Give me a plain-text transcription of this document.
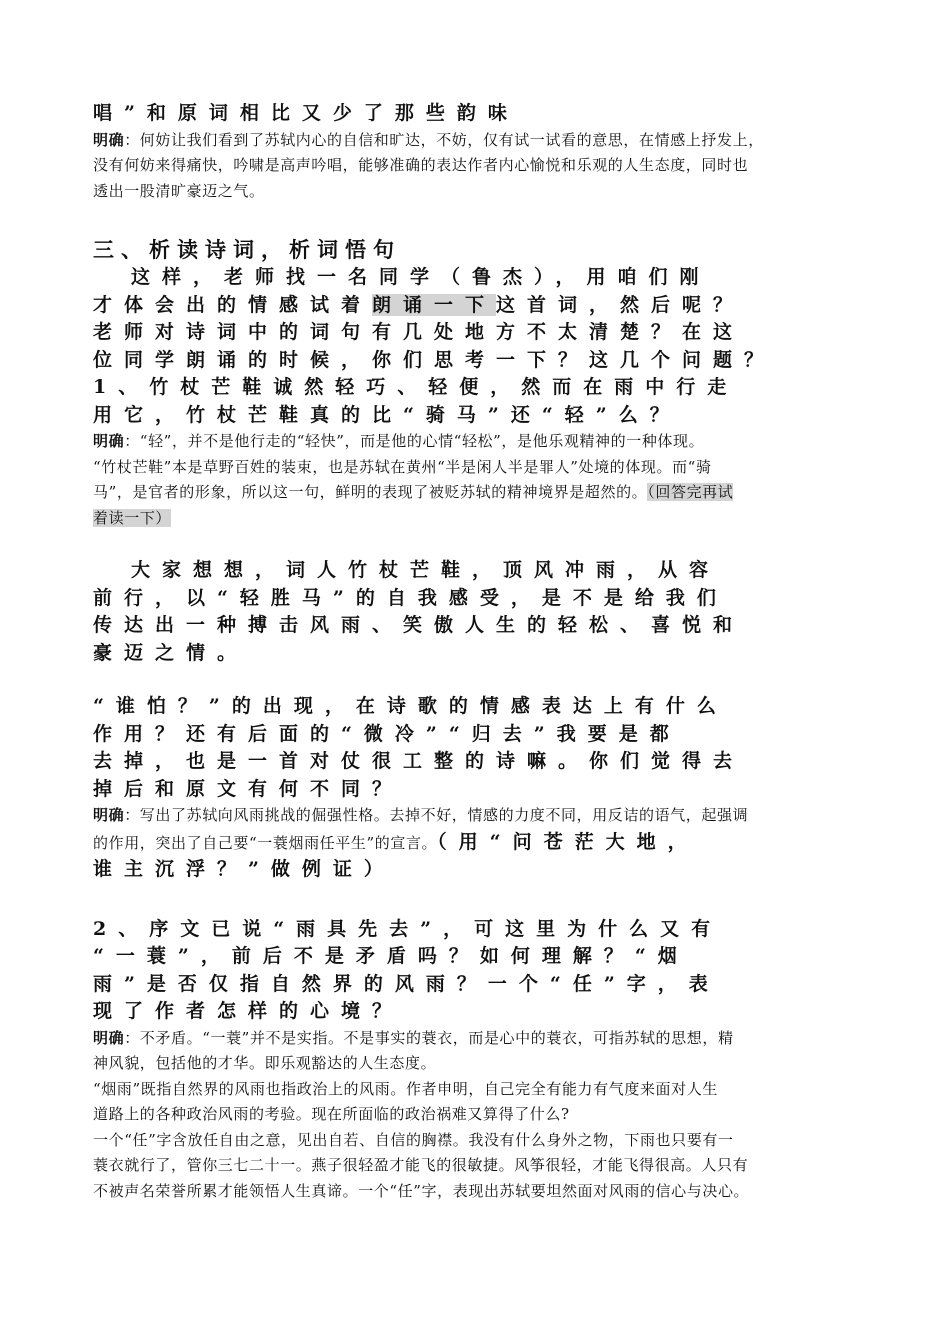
唱”和原词相比又少了那些韵味

明确：何妨让我们看到了苏轼内心的自信和旷达，不妨，仅有试一试看的意思，在情感上抒发上，

没有何妨来得痛快，吟啸是高声吟唱，能够准确的表达作者内心愉悦和乐观的人生态度，同时也

透出一股清旷豪迈之气。

三、析读诗词，析词悟句

这样，老师找一名同学（鲁杰），用咱们刚

才体会出的情感试着朗诵一下这首词，然后呢？

老师对诗词中的词句有几处地方不太清楚？在这

位同学朗诵的时候，你们思考一下？这几个问题？

1、竹杖芒鞋诚然轻巧、轻便，然而在雨中行走

用它，竹杖芒鞋真的比“骑马”还“轻”么？

明确：“轻”，并不是他行走的“轻快”，而是他的心情“轻松”，是他乐观精神的一种体现。

“竹杖芒鞋”本是草野百姓的装束，也是苏轼在黄州“半是闲人半是罪人”处境的体现。而“骑

马”，是官者的形象，所以这一句，鲜明的表现了被贬苏轼的精神境界是超然的。（回答完再试

着读一下）

大家想想，词人竹杖芒鞋，顶风冲雨，从容

前行，以“轻胜马”的自我感受，是不是给我们

传达出一种搏击风雨、笑傲人生的轻松、喜悦和

豪迈之情。

“谁怕？”的出现，在诗歌的情感表达上有什么

作用？还有后面的“微冷”“归去”我要是都

去掉，也是一首对仗很工整的诗嘛。你们觉得去

掉后和原文有何不同？

明确：写出了苏轼向风雨挑战的倔强性格。去掉不好，情感的力度不同，用反诘的语气，起强调

的作用，突出了自己要“一蓑烟雨任平生”的宣言。（用“问苍茫大地，

谁主沉浮？”做例证）

2、序文已说“雨具先去”，可这里为什么又有

“一蓑”，前后不是矛盾吗？如何理解？“烟

雨”是否仅指自然界的风雨？一个“任”字，表

现了作者怎样的心境？

明确：不矛盾。“一蓑”并不是实指。不是事实的蓑衣，而是心中的蓑衣，可指苏轼的思想，精

神风貌，包括他的才华。即乐观豁达的人生态度。

“烟雨”既指自然界的风雨也指政治上的风雨。作者申明，自己完全有能力有气度来面对人生

道路上的各种政治风雨的考验。现在所面临的政治祸难又算得了什么?

一个“任”字含放任自由之意，见出自若、自信的胸襟。我没有什么身外之物，下雨也只要有一

蓑衣就行了，管你三七二十一。燕子很轻盈才能飞的很敏捷。风筝很轻，才能飞得很高。人只有

不被声名荣誉所累才能领悟人生真谛。一个“任”字，表现出苏轼要坦然面对风雨的信心与决心。
